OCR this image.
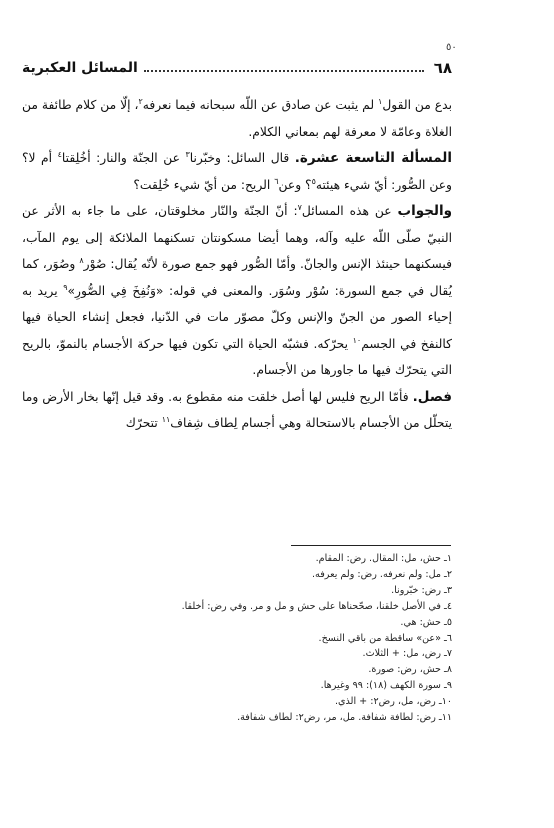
٥٠
٦٨
المسائل العكبرية

بدع من القول$^١$ لم يثبت عن صادق عن اللّه سبحانه فيما نعرفه$^٢$، إلّا من كلام طائفة من الغلاة وعامّة لا معرفة لهم بمعاني الكلام.

المسألة التاسعة عشرة. قال السائل: وخبّرنا$^٣$ عن الجنّة والنار: أخُلِقتا$^٤$ أم لا؟ وعن الصُّور: أيّ شيء هيئته$^٥$؟ وعن$^٦$ الريح: من أيّ شيء خُلِقت؟

والجواب عن هذه المسائل$^٧$: أنّ الجنّة والنّار مخلوقتان، على ما جاء به الأثر عن النبيّ صلّى اللّه عليه وآله، وهما أيضا مسكونتان تسكنهما الملائكة إلى يوم المآب، فيسكنهما حينئذ الإنس والجانّ. وأمّا الصُّور فهو جمع صورة لأنّه يُقال: صُوْر$^٨$ وصُوَر، كما يُقال في جمع السورة: سُوْر وسُوَر. والمعنى في قوله: «وَنُفِخَ فِي الصُّورِ»$^٩$ يريد به إحياء الصور من الجنّ والإنس وكلّ مصوّر مات في الدّنيا، فجعل إنشاء الحياة فيها كالنفخ في الجسم$^{١٠}$ يحرّكه. فشبّه الحياة التي تكون فيها حركة الأجسام بالنموّ، بالريح التي يتحرّك فيها ما جاورها من الأجسام.

فصل. فأمّا الريح فليس لها أصل خلقت منه مقطوع به. وقد قيل إنّها بخار الأرض وما يتحلّل من الأجسام بالاستحالة وهي أجسام لِطاف شِفاف$^{١١}$ تتحرّك

١ـ حش، مل: المقال. رض: المقام.
٢ـ مل: ولم نعرفه. رض: ولم يعرفه.
٣ـ رض: خبّرونا.
٤ـ في الأصل خلقنا، صحّحناها على حش و مل و مر. وفي رض: أخلقا.
٥ـ حش: هي.
٦ـ «عن» ساقطة من باقي النسخ.
٧ـ رض، مل: + الثلاث.
٨ـ حش، رض: صورة.
٩ـ سورة الكهف (١٨): ٩٩ وغيرها.
١٠ـ رض، مل، رض٢: + الذي.
١١ـ رض: لطافة شفافة. مل، مر، رض٢: لطاف شفافة.
